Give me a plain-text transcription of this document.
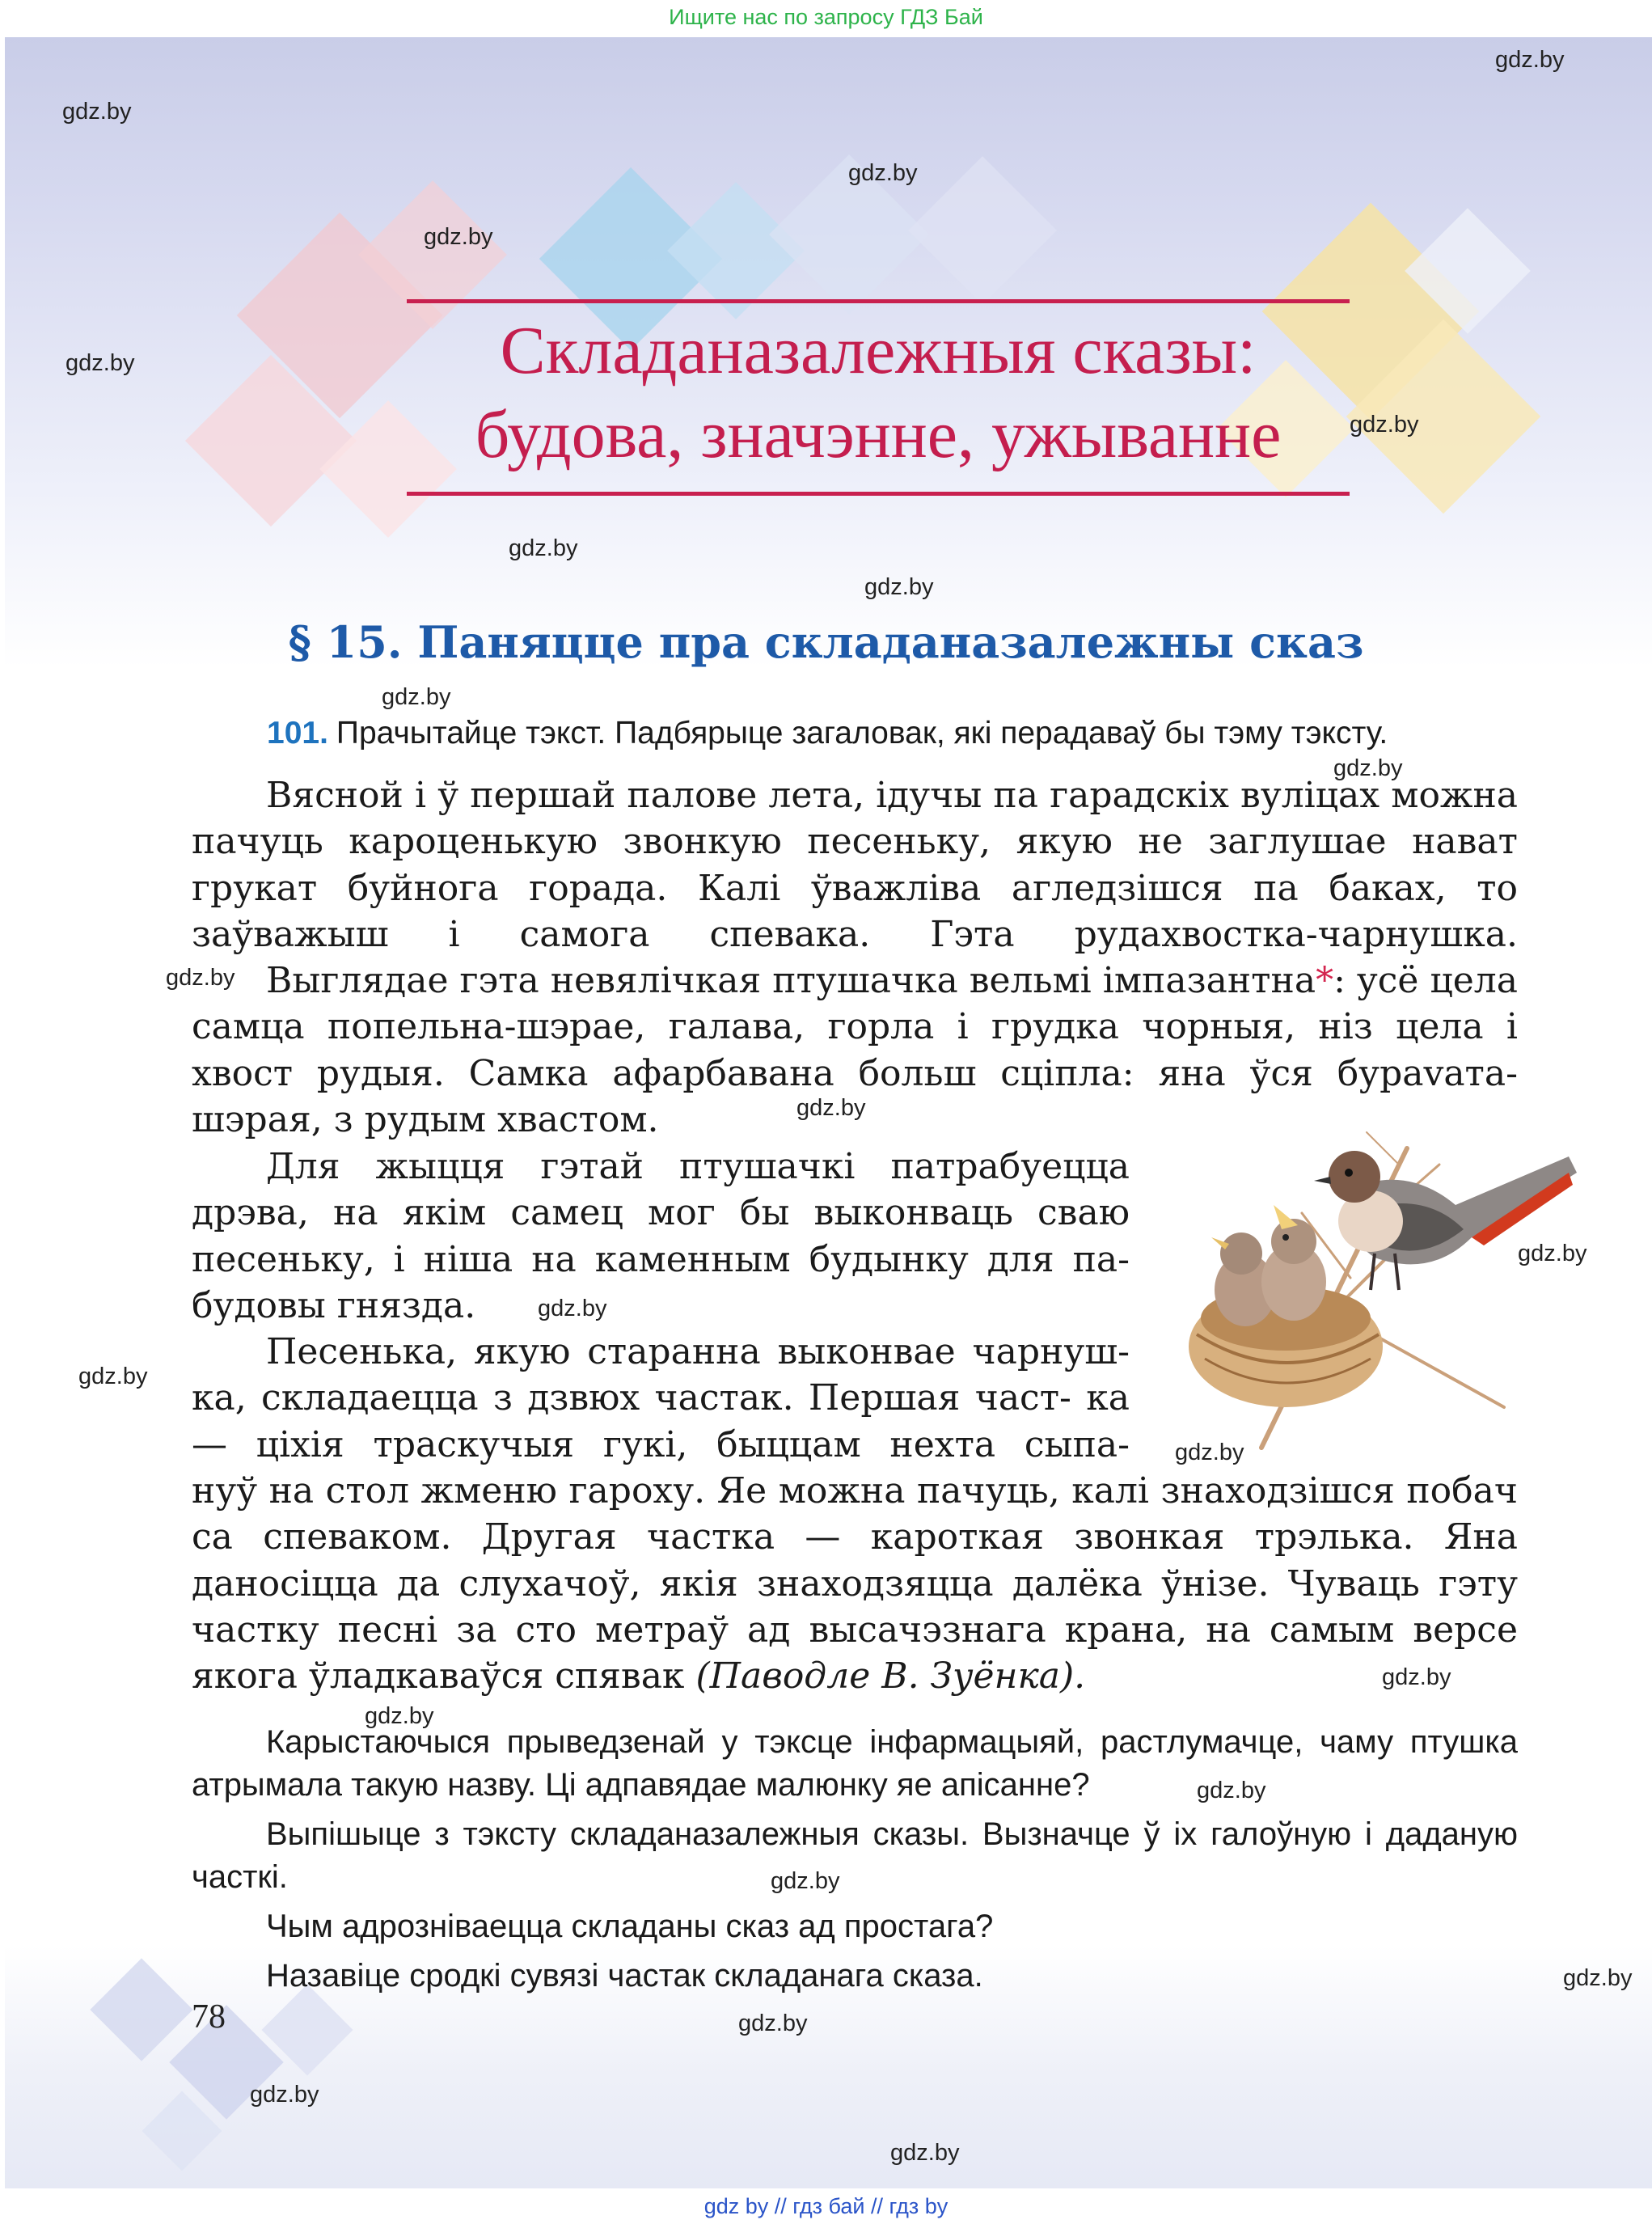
Ищите нас по запросу ГДЗ Бай
gdz.by
gdz.by
gdz.by
gdz.by
gdz.by
gdz.by
gdz.by
gdz.by
gdz.by
gdz.by
gdz.by
gdz.by
gdz.by
gdz.by
gdz.by
gdz.by
gdz.by
gdz.by
gdz.by
gdz.by
gdz.by
gdz.by
gdz.by
gdz.by
Складаназалежныя сказы:
будова, значэнне, ужыванне
§ 15. Паняцце пра складаназалежны сказ
101. Прачытайце тэкст. Падбярыце загаловак, які перадаваў бы тэму тэксту.

Вясной і ў першай палове лета, ідучы па гарадскіх вуліцах можна пачуць кароценькую звонкую песеньку, якую не заглушае нават грукат буйнога горада. Калі ўважліва агледзішся па баках, то заўважыш і самога спевака. Гэта рудахвостка-чарнушка.

Выглядае гэта невялічкая птушачка вельмі імпазантна*: усё цела самца попельна-шэрае, галава, горла і грудка чорныя, ніз цела і хвост рудыя. Самка афарбавана больш сціпла: яна ўся бурavата- шэрая, з рудым хвастом.

Для жыцця гэтай птушачкі патрабуецца дрэва, на якім самец мог бы выконваць сваю песеньку, і ніша на каменным будынку для па- будовы гнязда.

Песенька, якую старанна выконвае чарнуш- ка, складаецца з дзвюх частак. Першая част- ка — ціхія траскучыя гукі, быццам нехта сыпа-

нуў на стол жменю гароху. Яе можна пачуць, калі знаходзішся побач са спеваком. Другая частка — кароткая звонкая трэлька. Яна даносіцца да слухачоў, якія знаходзяцца далёка ўнізе. Чуваць гэту частку песні за сто метраў ад высачэзнага крана, на самым версе якога ўладкаваўся спявак (Паводле В. Зуёнка).

Карыстаючыся прыведзенай у тэксце інфармацыяй, растлумачце, чаму птушка атрымала такую назву. Ці адпавядае малюнку яе апісанне?

Выпішыце з тэксту складаназалежныя сказы. Вызначце ў іх галоўную і даданую часткі.

Чым адрозніваецца складаны сказ ад простага?

Назавіце сродкі сувязі частак складанага сказа.

78
gdz by // гдз бай // гдз by
